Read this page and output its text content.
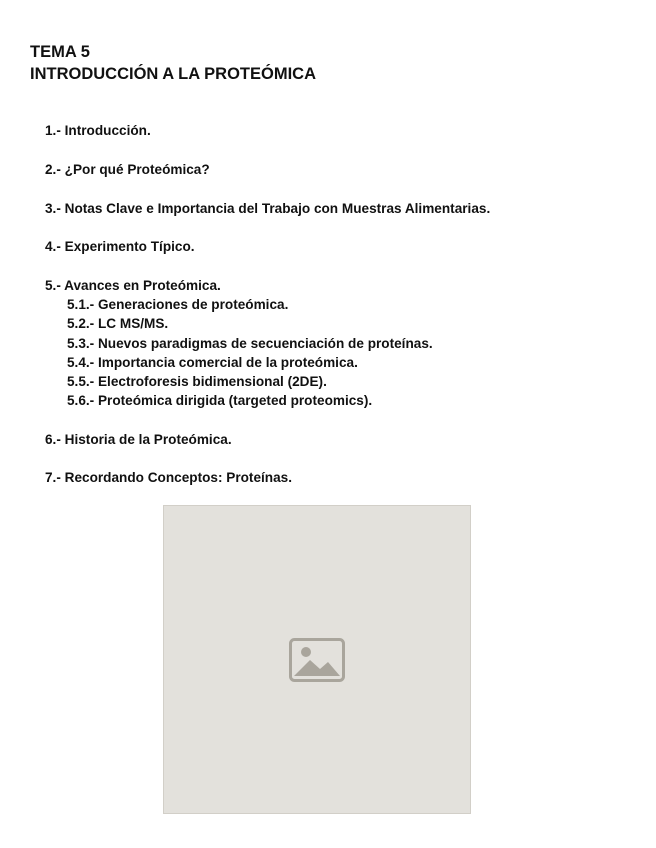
TEMA 5
INTRODUCCIÓN A LA PROTEÓMICA
1.- Introducción.
2.- ¿Por qué Proteómica?
3.- Notas Clave e Importancia del Trabajo con Muestras Alimentarias.
4.- Experimento Típico.
5.- Avances en Proteómica.
5.1.- Generaciones de proteómica.
5.2.- LC MS/MS.
5.3.- Nuevos paradigmas de secuenciación de proteínas.
5.4.- Importancia comercial de la proteómica.
5.5.- Electroforesis bidimensional (2DE).
5.6.- Proteómica dirigida (targeted proteomics).
6.- Historia de la Proteómica.
7.- Recordando Conceptos: Proteínas.
